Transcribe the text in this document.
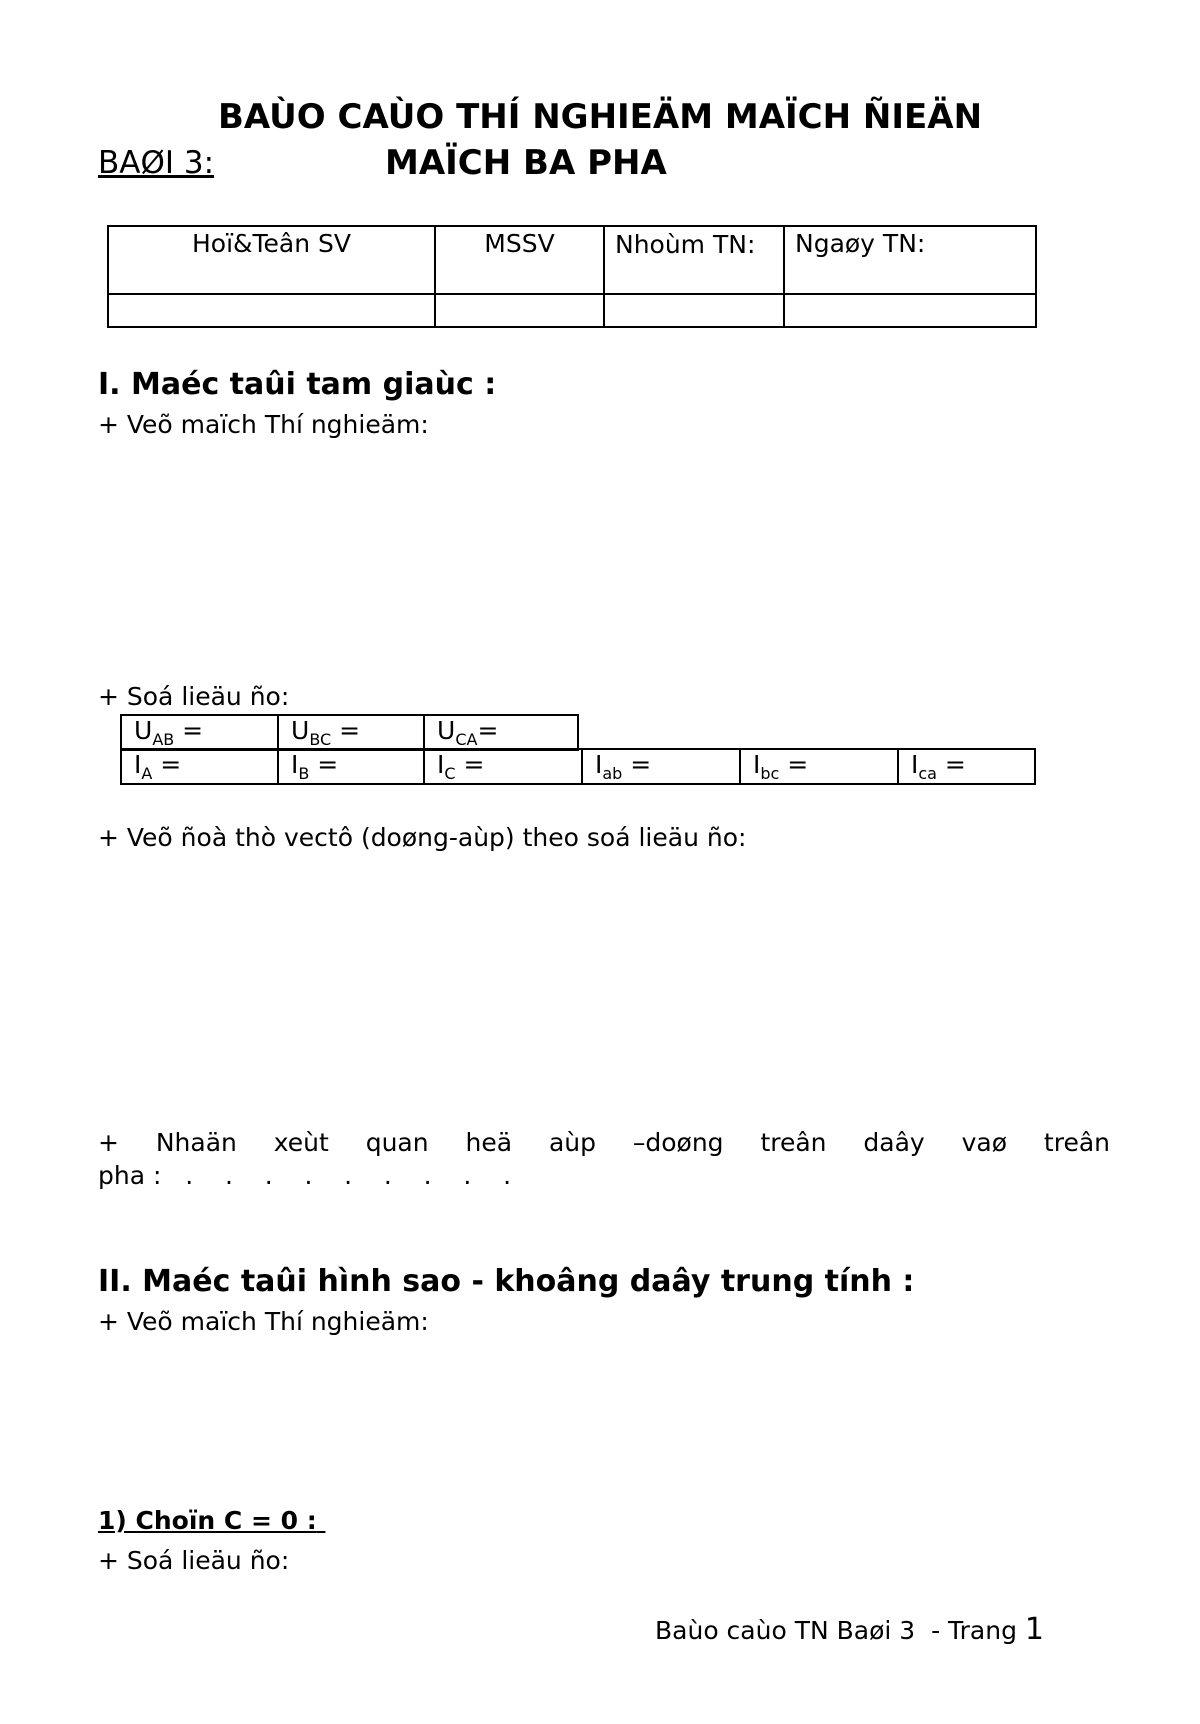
BAÙO CAÙO THÍ NGHIEÄM MAÏCH ÑIEÄN
BAØI 3:	MAÏCH BA PHA
Hoï&Teân SV	MSSV	Nhoùm TN:	Ngaøy TN:

I. Maéc taûi tam giaùc :
+ Veõ maïch Thí nghieäm:
+ Soá lieäu ño:
$U_{AB}$ =	$U_{BC}$ =	$U_{CA}=$
$I_A$ =	$I_B$ =	$I_C$ =	$I_{ab}$ =	$I_{bc}$ =	$I_{ca}$ =
+ Veõ ñoà thò vectô (doøng-aùp) theo soá lieäu ño:
+ Nhaän xeùt quan heä aùp –doøng treân daây vaø treân
pha :   .    .    .    .    .    .    .    .    .
II. Maéc taûi hình sao - khoâng daây trung tính :
+ Veõ maïch Thí nghieäm:
1) Choïn C = 0 :
+ Soá lieäu ño:
Baùo caùo TN Baøi 3  - Trang 1
